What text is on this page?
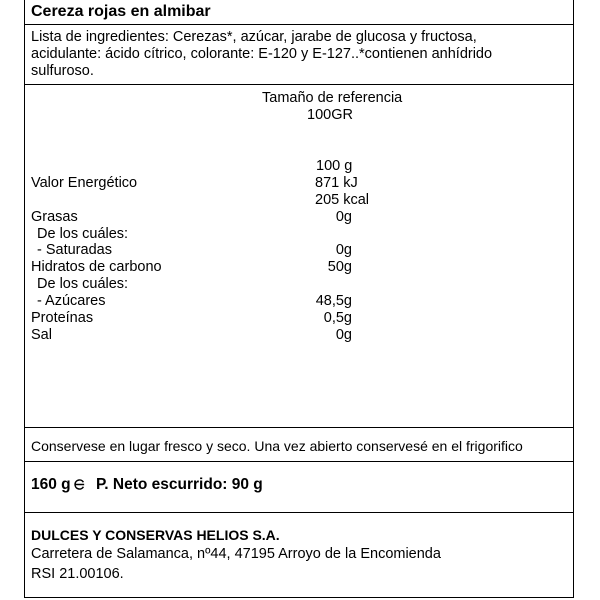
Cereza rojas en almibar
Lista de ingredientes: Cerezas*, azúcar, jarabe de glucosa y fructosa,
acidulante: ácido cítrico, colorante: E-120 y E-127..*contienen anhídrido
sulfuroso.
Tamaño de referencia
100GR
100 g
Valor Energético	871 kJ
205 kcal
Grasas	0g
De los cuáles:
- Saturadas	0g
Hidratos de carbono	50g
De los cuáles:
- Azúcares	48,5g
Proteínas	0,5g
Sal	0g
Conservese en lugar fresco y seco. Una vez abierto conservesé en el frigorifico
160 g P. Neto escurrido: 90 g
DULCES Y CONSERVAS HELIOS S.A.
Carretera de Salamanca, nº44, 47195 Arroyo de la Encomienda
RSI 21.00106.
